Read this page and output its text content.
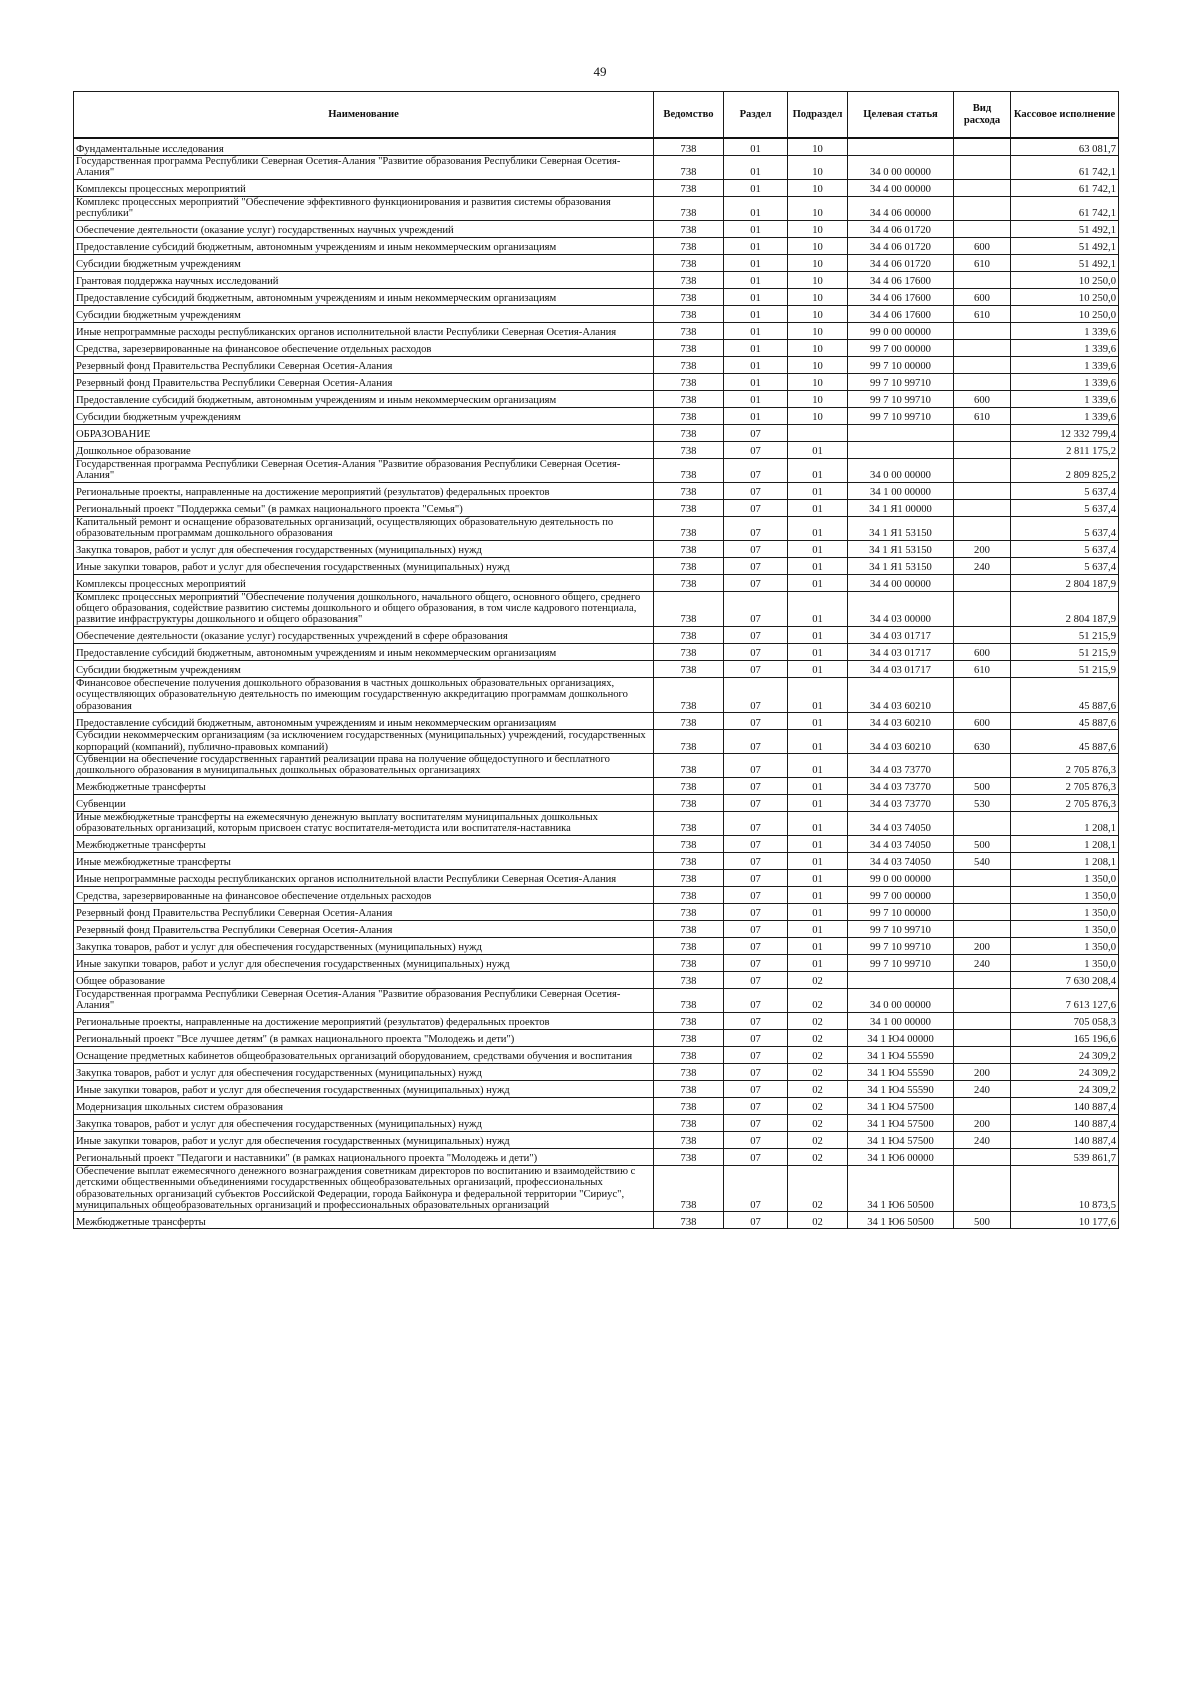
49
Наименование	Ведомство	Раздел	Подраздел	Целевая статья	Вид расхода	Кассовое исполнение
Фундаментальные исследования	738	01	10			63 081,7
Государственная программа Республики Северная Осетия-Алания "Развитие образования Республики Северная Осетия-Алания"	738	01	10	34 0 00 00000		61 742,1
Комплексы процессных мероприятий	738	01	10	34 4 00 00000		61 742,1
Комплекс процессных мероприятий "Обеспечение эффективного функционирования и развития системы образования республики"	738	01	10	34 4 06 00000		61 742,1
Обеспечение деятельности (оказание услуг) государственных научных учреждений	738	01	10	34 4 06 01720		51 492,1
Предоставление субсидий бюджетным, автономным учреждениям и иным некоммерческим организациям	738	01	10	34 4 06 01720	600	51 492,1
Субсидии бюджетным учреждениям	738	01	10	34 4 06 01720	610	51 492,1
Грантовая поддержка научных исследований	738	01	10	34 4 06 17600		10 250,0
Предоставление субсидий бюджетным, автономным учреждениям и иным некоммерческим организациям	738	01	10	34 4 06 17600	600	10 250,0
Субсидии бюджетным учреждениям	738	01	10	34 4 06 17600	610	10 250,0
Иные непрограммные расходы республиканских органов исполнительной власти Республики Северная Осетия-Алания	738	01	10	99 0 00 00000		1 339,6
Средства, зарезервированные на финансовое обеспечение отдельных расходов	738	01	10	99 7 00 00000		1 339,6
Резервный фонд Правительства Республики Северная Осетия-Алания	738	01	10	99 7 10 00000		1 339,6
Резервный фонд Правительства Республики Северная Осетия-Алания	738	01	10	99 7 10 99710		1 339,6
Предоставление субсидий бюджетным, автономным учреждениям и иным некоммерческим организациям	738	01	10	99 7 10 99710	600	1 339,6
Субсидии бюджетным учреждениям	738	01	10	99 7 10 99710	610	1 339,6
ОБРАЗОВАНИЕ	738	07				12 332 799,4
Дошкольное образование	738	07	01			2 811 175,2
Государственная программа Республики Северная Осетия-Алания "Развитие образования Республики Северная Осетия-Алания"	738	07	01	34 0 00 00000		2 809 825,2
Региональные проекты, направленные на достижение мероприятий (результатов) федеральных проектов	738	07	01	34 1 00 00000		5 637,4
Региональный проект "Поддержка семьи" (в рамках национального проекта "Семья")	738	07	01	34 1 Я1 00000		5 637,4
Капитальный ремонт и оснащение образовательных организаций, осуществляющих образовательную деятельность по образовательным программам дошкольного образования	738	07	01	34 1 Я1 53150		5 637,4
Закупка товаров, работ и услуг для обеспечения государственных (муниципальных) нужд	738	07	01	34 1 Я1 53150	200	5 637,4
Иные закупки товаров, работ и услуг для обеспечения государственных (муниципальных) нужд	738	07	01	34 1 Я1 53150	240	5 637,4
Комплексы процессных мероприятий	738	07	01	34 4 00 00000		2 804 187,9
Комплекс процессных мероприятий "Обеспечение получения дошкольного, начального общего, основного общего, среднего общего образования, содействие развитию системы дошкольного и общего образования, в том числе кадрового потенциала, развитие инфраструктуры дошкольного и общего образования"	738	07	01	34 4 03 00000		2 804 187,9
Обеспечение деятельности (оказание услуг) государственных учреждений в сфере образования	738	07	01	34 4 03 01717		51 215,9
Предоставление субсидий бюджетным, автономным учреждениям и иным некоммерческим организациям	738	07	01	34 4 03 01717	600	51 215,9
Субсидии бюджетным учреждениям	738	07	01	34 4 03 01717	610	51 215,9
Финансовое обеспечение получения дошкольного образования в частных дошкольных образовательных организациях, осуществляющих образовательную деятельность по имеющим государственную аккредитацию программам дошкольного образования	738	07	01	34 4 03 60210		45 887,6
Предоставление субсидий бюджетным, автономным учреждениям и иным некоммерческим организациям	738	07	01	34 4 03 60210	600	45 887,6
Субсидии некоммерческим организациям (за исключением государственных (муниципальных) учреждений, государственных корпораций (компаний), публично-правовых компаний)	738	07	01	34 4 03 60210	630	45 887,6
Субвенции на обеспечение государственных гарантий реализации права на получение общедоступного и бесплатного дошкольного образования в муниципальных дошкольных образовательных организациях	738	07	01	34 4 03 73770		2 705 876,3
Межбюджетные трансферты	738	07	01	34 4 03 73770	500	2 705 876,3
Субвенции	738	07	01	34 4 03 73770	530	2 705 876,3
Иные межбюджетные трансферты на ежемесячную денежную выплату воспитателям муниципальных дошкольных образовательных организаций, которым присвоен статус воспитателя-методиста или воспитателя-наставника	738	07	01	34 4 03 74050		1 208,1
Межбюджетные трансферты	738	07	01	34 4 03 74050	500	1 208,1
Иные межбюджетные трансферты	738	07	01	34 4 03 74050	540	1 208,1
Иные непрограммные расходы республиканских органов исполнительной власти Республики Северная Осетия-Алания	738	07	01	99 0 00 00000		1 350,0
Средства, зарезервированные на финансовое обеспечение отдельных расходов	738	07	01	99 7 00 00000		1 350,0
Резервный фонд Правительства Республики Северная Осетия-Алания	738	07	01	99 7 10 00000		1 350,0
Резервный фонд Правительства Республики Северная Осетия-Алания	738	07	01	99 7 10 99710		1 350,0
Закупка товаров, работ и услуг для обеспечения государственных (муниципальных) нужд	738	07	01	99 7 10 99710	200	1 350,0
Иные закупки товаров, работ и услуг для обеспечения государственных (муниципальных) нужд	738	07	01	99 7 10 99710	240	1 350,0
Общее образование	738	07	02			7 630 208,4
Государственная программа Республики Северная Осетия-Алания "Развитие образования Республики Северная Осетия-Алания"	738	07	02	34 0 00 00000		7 613 127,6
Региональные проекты, направленные на достижение мероприятий (результатов) федеральных проектов	738	07	02	34 1 00 00000		705 058,3
Региональный проект "Все лучшее детям" (в рамках национального проекта "Молодежь и дети")	738	07	02	34 1 Ю4 00000		165 196,6
Оснащение предметных кабинетов общеобразовательных организаций оборудованием, средствами обучения и воспитания	738	07	02	34 1 Ю4 55590		24 309,2
Закупка товаров, работ и услуг для обеспечения государственных (муниципальных) нужд	738	07	02	34 1 Ю4 55590	200	24 309,2
Иные закупки товаров, работ и услуг для обеспечения государственных (муниципальных) нужд	738	07	02	34 1 Ю4 55590	240	24 309,2
Модернизация школьных систем образования	738	07	02	34 1 Ю4 57500		140 887,4
Закупка товаров, работ и услуг для обеспечения государственных (муниципальных) нужд	738	07	02	34 1 Ю4 57500	200	140 887,4
Иные закупки товаров, работ и услуг для обеспечения государственных (муниципальных) нужд	738	07	02	34 1 Ю4 57500	240	140 887,4
Региональный проект "Педагоги и наставники" (в рамках национального проекта "Молодежь и дети")	738	07	02	34 1 Ю6 00000		539 861,7
Обеспечение выплат ежемесячного денежного вознаграждения советникам директоров по воспитанию и взаимодействию с детскими общественными объединениями государственных общеобразовательных организаций, профессиональных образовательных организаций субъектов Российской Федерации, города Байконура и федеральной территории "Сириус", муниципальных общеобразовательных организаций и профессиональных образовательных организаций	738	07	02	34 1 Ю6 50500		10 873,5
Межбюджетные трансферты	738	07	02	34 1 Ю6 50500	500	10 177,6
